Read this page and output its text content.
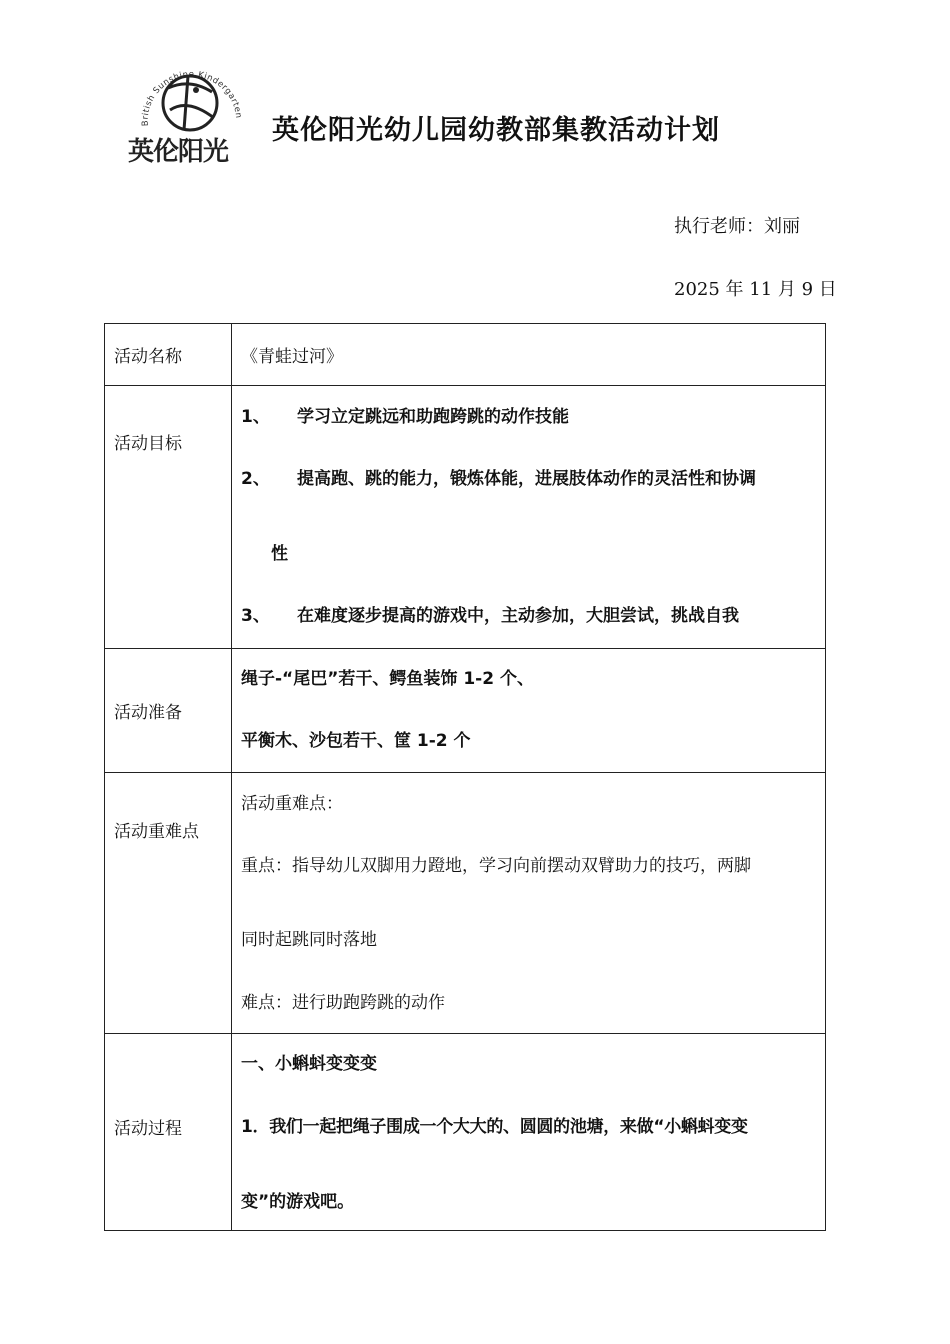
British Sunshine Kindergarten
英伦阳光
英伦阳光幼儿园幼教部集教活动计划
执行老师：刘丽
2025 年 11 月 9 日
活动名称	《青蛙过河》
活动目标	1、 学习立定跳远和助跑跨跳的动作技能
2、 提高跑、跳的能力，锻炼体能，进展肢体动作的灵活性和协调
性
3、 在难度逐步提高的游戏中，主动参加，大胆尝试，挑战自我

活动准备	绳子-“尾巴”若干、鳄鱼装饰 1-2 个、
平衡木、沙包若干、筐 1-2 个

活动重难点	活动重难点：
重点：指导幼儿双脚用力蹬地，学习向前摆动双臂助力的技巧，两脚
同时起跳同时落地
难点：进行助跑跨跳的动作

活动过程	一、小蝌蚪变变变
1．我们一起把绳子围成一个大大的、圆圆的池塘，来做“小蝌蚪变变
变”的游戏吧。
